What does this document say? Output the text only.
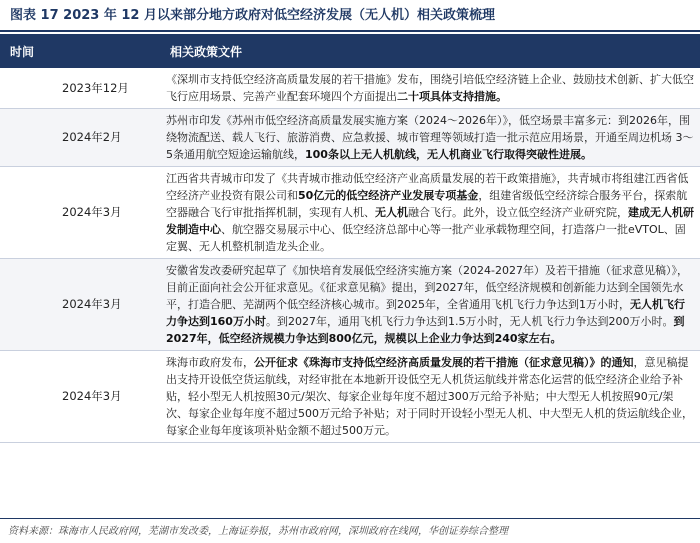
图表 17 2023 年 12 月以来部分地方政府对低空经济发展（无人机）相关政策梳理
时间	相关政策文件
2023年12月	《深圳市支持低空经济高质量发展的若干措施》发布，围绕引培低空经济链上企业、鼓励技术创新、扩大低空飞行应用场景、完善产业配套环境四个方面提出二十项具体支持措施。
2024年2月	苏州市印发《苏州市低空经济高质量发展实施方案（2024～2026年）》，低空场景丰富多元：到2026年，围绕物流配送、载人飞行、旅游消费、应急救援、城市管理等领域打造一批示范应用场景，开通至周边机场 3～5条通用航空短途运输航线，100条以上无人机航线，无人机商业飞行取得突破性进展。
2024年3月	江西省共青城市印发了《共青城市推动低空经济产业高质量发展的若干政策措施》，共青城市将组建江西省低空经济产业投资有限公司和50亿元的低空经济产业发展专项基金，组建省级低空经济综合服务平台，探索航空器融合飞行审批指挥机制，实现有人机、无人机融合飞行。此外，设立低空经济产业研究院，建成无人机研发制造中心、航空器交易展示中心、低空经济总部中心等一批产业承载物理空间，打造落户一批eVTOL、固定翼、无人机整机制造龙头企业。
2024年3月	安徽省发改委研究起草了《加快培育发展低空经济实施方案（2024-2027年）及若干措施（征求意见稿）》，目前正面向社会公开征求意见。《征求意见稿》提出，到2027年，低空经济规模和创新能力达到全国领先水平，打造合肥、芜湖两个低空经济核心城市。到2025年，全省通用飞机飞行力争达到1万小时，无人机飞行力争达到160万小时。到2027年，通用飞机飞行力争达到1.5万小时，无人机飞行力争达到200万小时。到2027年，低空经济规模力争达到800亿元，规模以上企业力争达到240家左右。
2024年3月	珠海市政府发布，公开征求《珠海市支持低空经济高质量发展的若干措施（征求意见稿）》的通知，意见稿提出支持开设低空货运航线，对经审批在本地新开设低空无人机货运航线并常态化运营的低空经济企业给予补贴，轻小型无人机按照30元/架次、每家企业每年度不超过300万元给予补贴；中大型无人机按照90元/架次、每家企业每年度不超过500万元给予补贴；对于同时开设轻小型无人机、中大型无人机的货运航线企业，每家企业每年度该项补贴金额不超过500万元。
资料来源：珠海市人民政府网，芜湖市发改委，上海证券报，苏州市政府网，深圳政府在线网，华创证券综合整理
